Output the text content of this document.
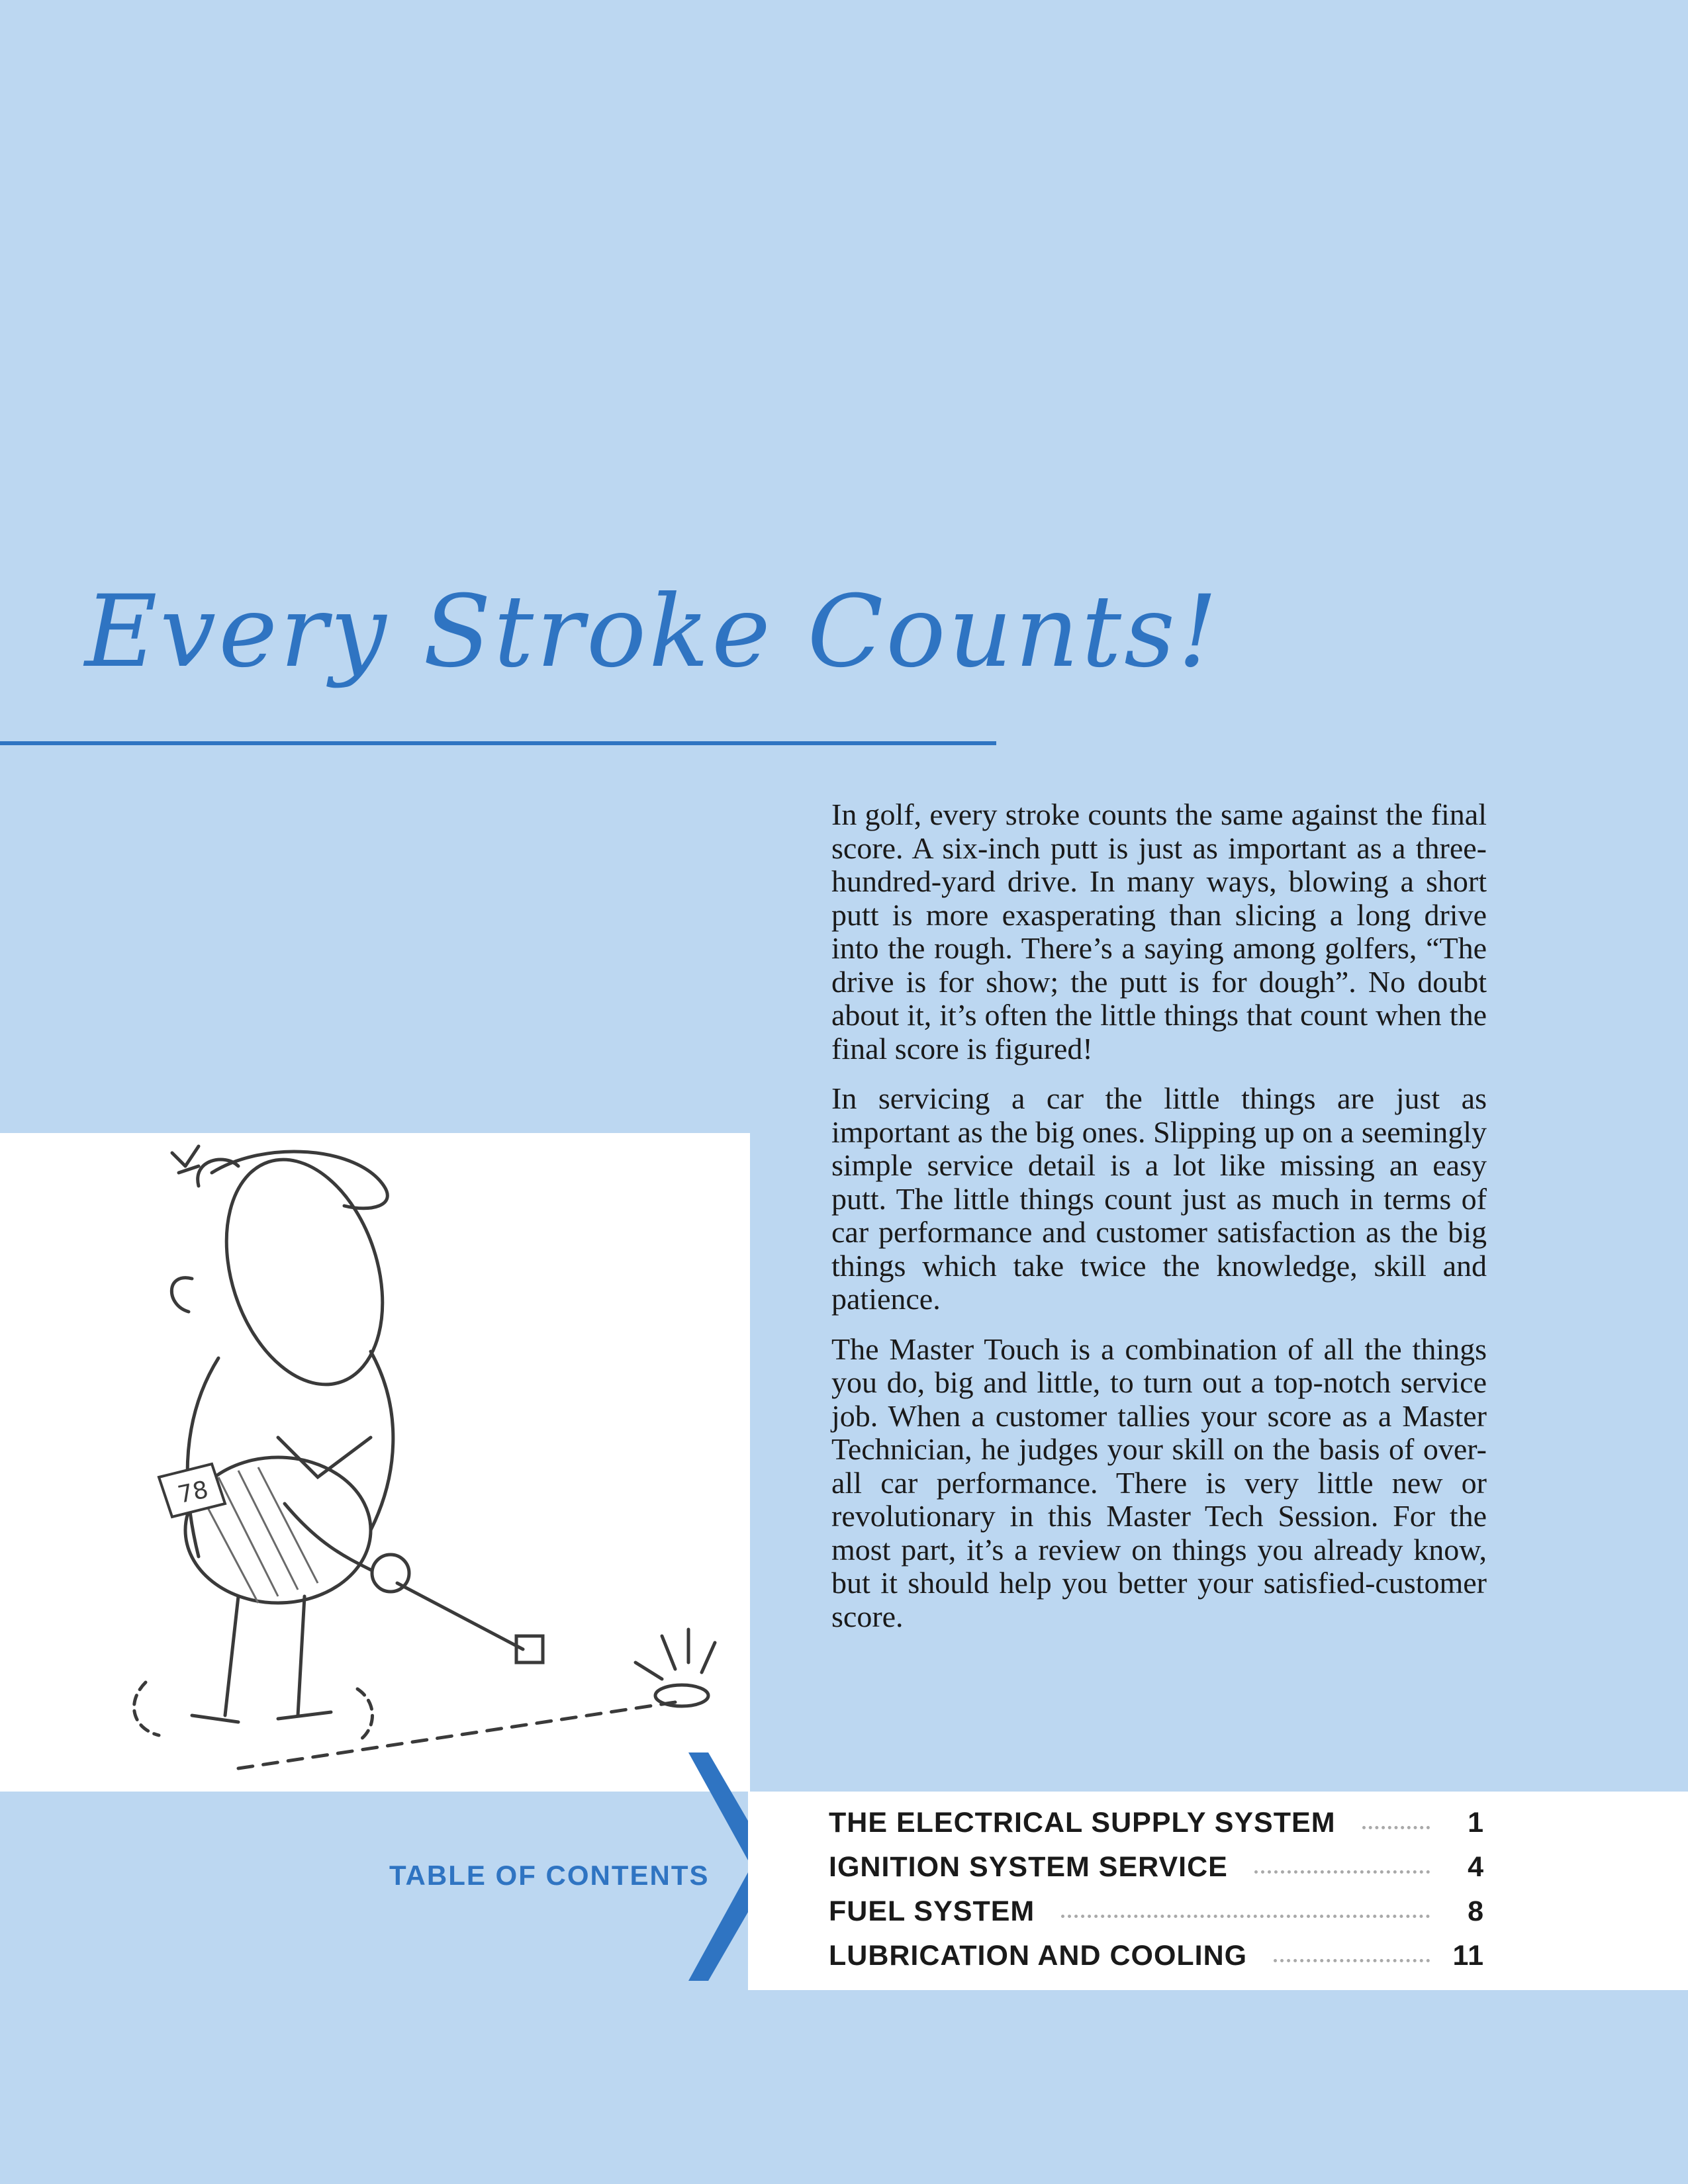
Every Stroke Counts!

In golf, every stroke counts the same against the final score. A six-inch putt is just as important as a three-hundred-yard drive. In many ways, blowing a short putt is more exasperating than slicing a long drive into the rough. There’s a saying among golfers, “The drive is for show; the putt is for dough”. No doubt about it, it’s often the little things that count when the final score is figured!

In servicing a car the little things are just as important as the big ones. Slipping up on a seemingly simple service detail is a lot like missing an easy putt. The little things count just as much in terms of car performance and customer satisfaction as the big things which take twice the knowledge, skill and patience.

The Master Touch is a combination of all the things you do, big and little, to turn out a top-notch service job. When a customer tallies your score as a Master Technician, he judges your skill on the basis of over-all car performance. There is very little new or revolutionary in this Master Tech Session. For the most part, it’s a review on things you already know, but it should help you better your satisfied-customer score.

78
TABLE OF CONTENTS
THE ELECTRICAL SUPPLY SYSTEM	1
IGNITION SYSTEM SERVICE	4
FUEL SYSTEM	8
LUBRICATION AND COOLING	11
